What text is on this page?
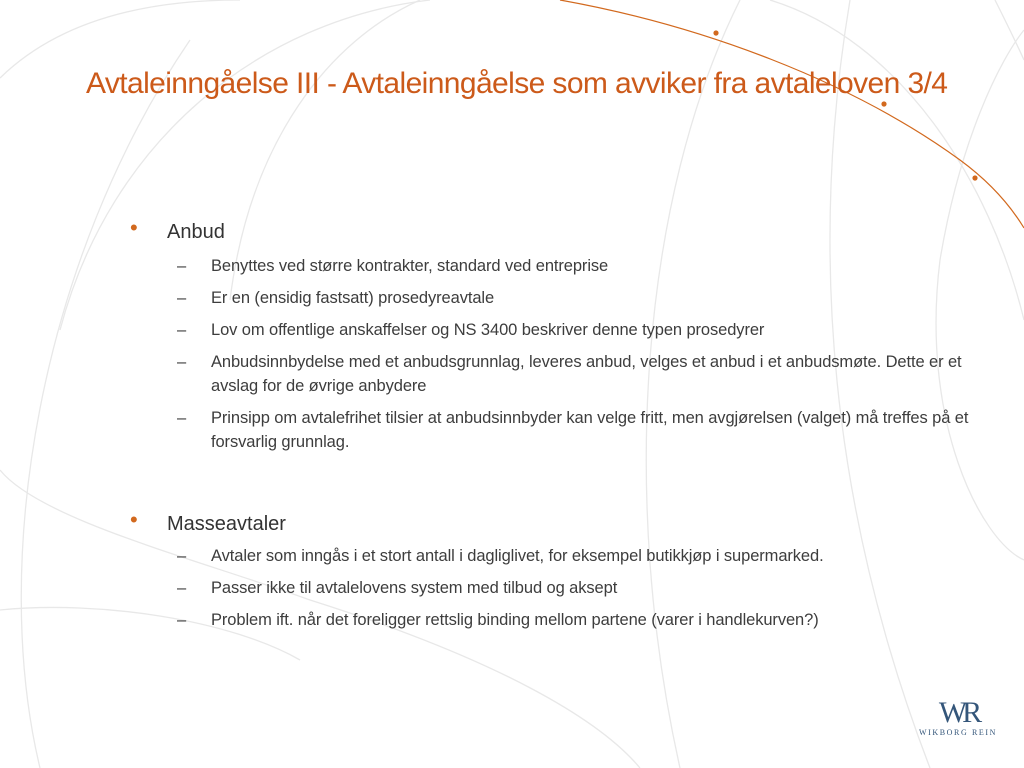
Avtaleinngåelse III - Avtaleinngåelse som avviker fra avtaleloven 3/4
• Anbud
– Benyttes ved større kontrakter, standard ved entreprise
– Er en (ensidig fastsatt) prosedyreavtale
– Lov om offentlige anskaffelser og NS 3400 beskriver denne typen prosedyrer
– Anbudsinnbydelse med et anbudsgrunnlag, leveres anbud, velges et anbud i et anbudsmøte. Dette er et avslag for de øvrige anbydere
– Prinsipp om avtalefrihet tilsier at anbudsinnbyder kan velge fritt, men avgjørelsen (valget) må treffes på et forsvarlig grunnlag.
• Masseavtaler
– Avtaler som inngås i et stort antall i dagliglivet, for eksempel butikkjøp i supermarked.
– Passer ikke til avtalelovens system med tilbud og aksept
– Problem ift. når det foreligger rettslig binding mellom partene (varer i handlekurven?)
WR
WIKBORG REIN
